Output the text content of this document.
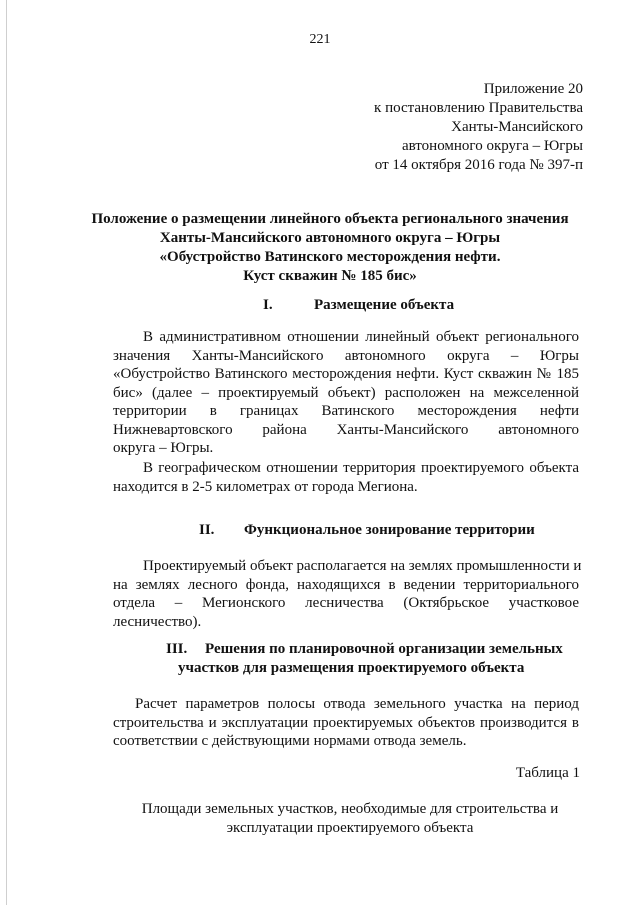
221
Приложение 20
к постановлению Правительства
Ханты-Мансийского
автономного округа – Югры
от 14 октября 2016 года № 397-п
Положение о размещении линейного объекта регионального значения
Ханты-Мансийского автономного округа – Югры
«Обустройство Ватинского месторождения нефти.
Куст скважин № 185 бис»
I.	Размещение объекта
В административном отношении линейный объект регионального
значения Ханты-Мансийского автономного округа – Югры
«Обустройство Ватинского месторождения нефти. Куст скважин № 185
бис» (далее – проектируемый объект) расположен на межселенной
территории в границах Ватинского месторождения нефти
Нижневартовского района Ханты-Мансийского автономного
округа – Югры.
В географическом отношении территория проектируемого объекта
находится в 2-5 километрах от города Мегиона.
II. Функциональное зонирование территории
Проектируемый объект располагается на землях промышленности и
на землях лесного фонда, находящихся в ведении территориального
отдела – Мегионского лесничества (Октябрьское участковое
лесничество).
III. Решения по планировочной организации земельных
участков для размещения проектируемого объекта
Расчет параметров полосы отвода земельного участка на период
строительства и эксплуатации проектируемых объектов производится в
соответствии с действующими нормами отвода земель.
Таблица 1
Площади земельных участков, необходимые для строительства и
эксплуатации проектируемого объекта
